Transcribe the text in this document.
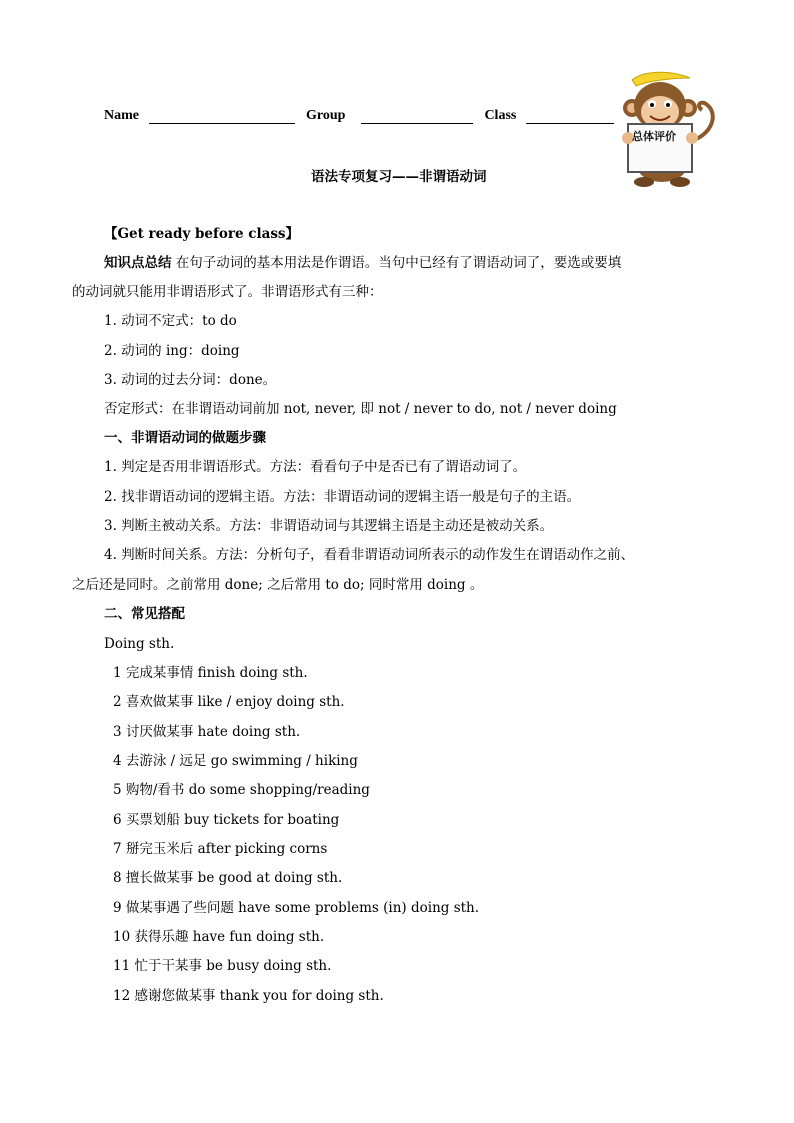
Name	Group	Class
总体评价
语法专项复习——非谓语动词
【Get ready before class】
知识点总结 在句子动词的基本用法是作谓语。当句中已经有了谓语动词了，要选或要填
的动词就只能用非谓语形式了。非谓语形式有三种：
1. 动词不定式：to do
2. 动词的 ing：doing
3. 动词的过去分词：done。
否定形式：在非谓语动词前加 not, never, 即 not / never to do, not / never doing
一、非谓语动词的做题步骤
1. 判定是否用非谓语形式。方法：看看句子中是否已有了谓语动词了。
2. 找非谓语动词的逻辑主语。方法：非谓语动词的逻辑主语一般是句子的主语。
3. 判断主被动关系。方法：非谓语动词与其逻辑主语是主动还是被动关系。
4. 判断时间关系。方法：分析句子，看看非谓语动词所表示的动作发生在谓语动作之前、
之后还是同时。之前常用 done; 之后常用 to do; 同时常用 doing 。
二、常见搭配
Doing sth.
1 完成某事情 finish doing sth.
2 喜欢做某事 like / enjoy doing sth.
3 讨厌做某事 hate doing sth.
4 去游泳 / 远足 go swimming / hiking
5 购物/看书 do some shopping/reading
6 买票划船 buy tickets for boating
7 掰完玉米后 after picking corns
8 擅长做某事 be good at doing sth.
9 做某事遇了些问题 have some problems (in) doing sth.
10 获得乐趣 have fun doing sth.
11 忙于干某事 be busy doing sth.
12 感谢您做某事 thank you for doing sth.
